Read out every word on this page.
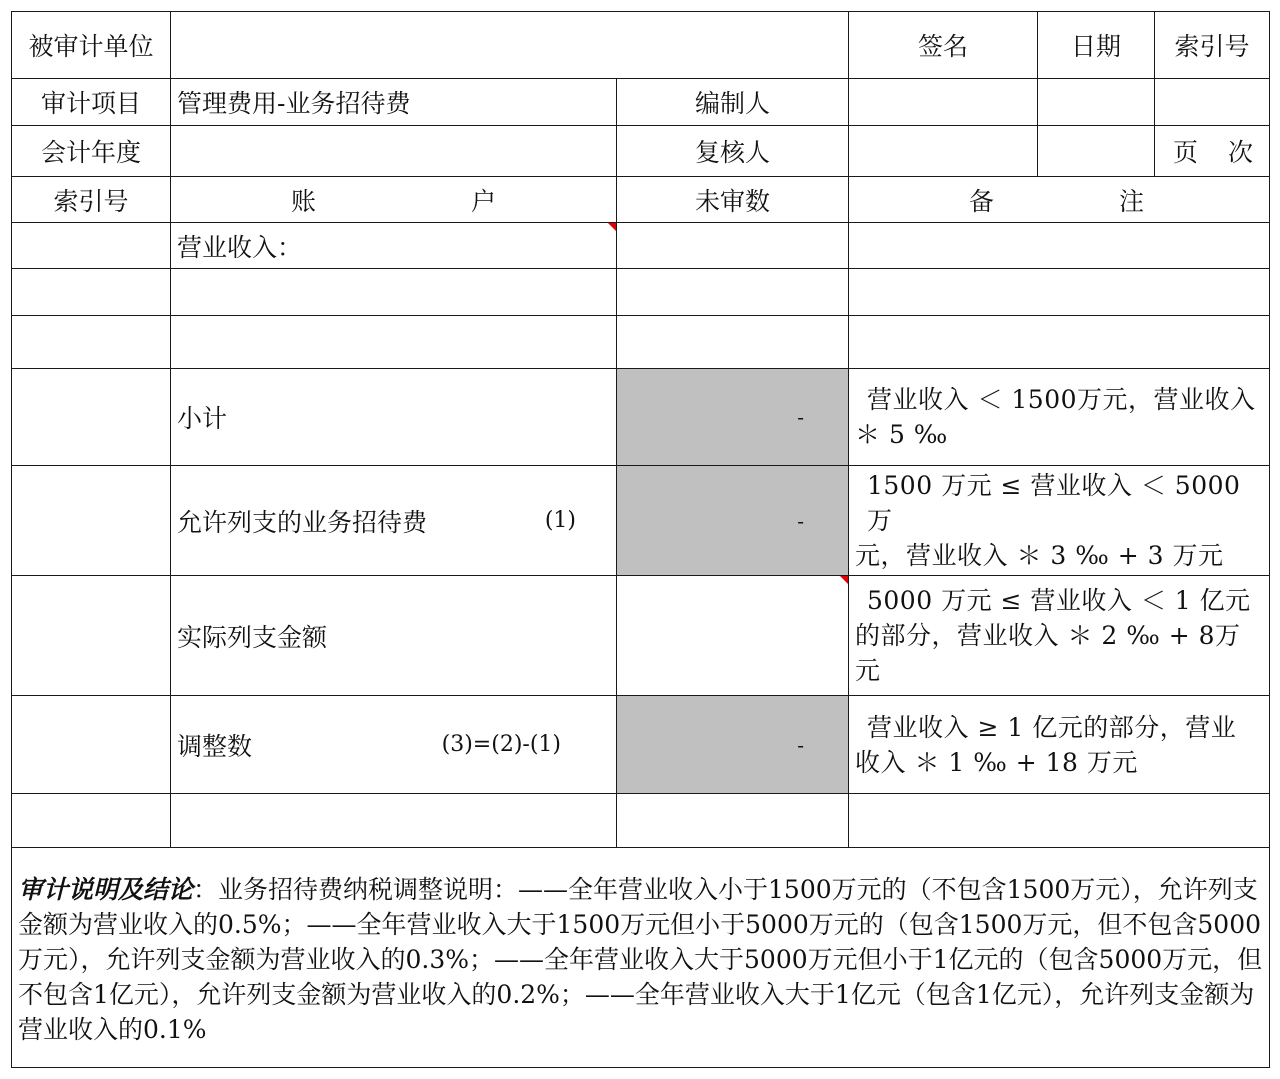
被审计单位			签名	日期	索引号
审计项目	管理费用-业务招待费	编制人			
会计年度		复核人			页 次

索引号	账 户	未审数	备 注		

	营业收入：				

	小计	-	营业收入 ＜ 1500万元，营业收入
＊ 5 ‰		

	允许列支的业务招待费 (1)	-	1500 万元 ≤ 营业收入 ＜ 5000万
元，营业收入 ＊ 3 ‰ + 3 万元		

	实际列支金额		5000 万元 ≤ 营业收入 ＜ 1 亿元
的部分，营业收入 ＊ 2 ‰ + 8万元		

	调整数 (3)=(2)-(1)	-	营业收入 ≥ 1 亿元的部分，营业
收入 ＊ 1 ‰ + 18 万元		

审计说明及结论：业务招待费纳税调整说明：——全年营业收入小于1500万元的（不包含1500万元），允许列支金额为营业收入的0.5%；——全年营业收入大于1500万元但小于5000万元的（包含1500万元，但不包含5000万元），允许列支金额为营业收入的0.3%；——全年营业收入大于5000万元但小于1亿元的（包含5000万元，但不包含1亿元），允许列支金额为营业收入的0.2%；——全年营业收入大于1亿元（包含1亿元），允许列支金额为营业收入的0.1%					
